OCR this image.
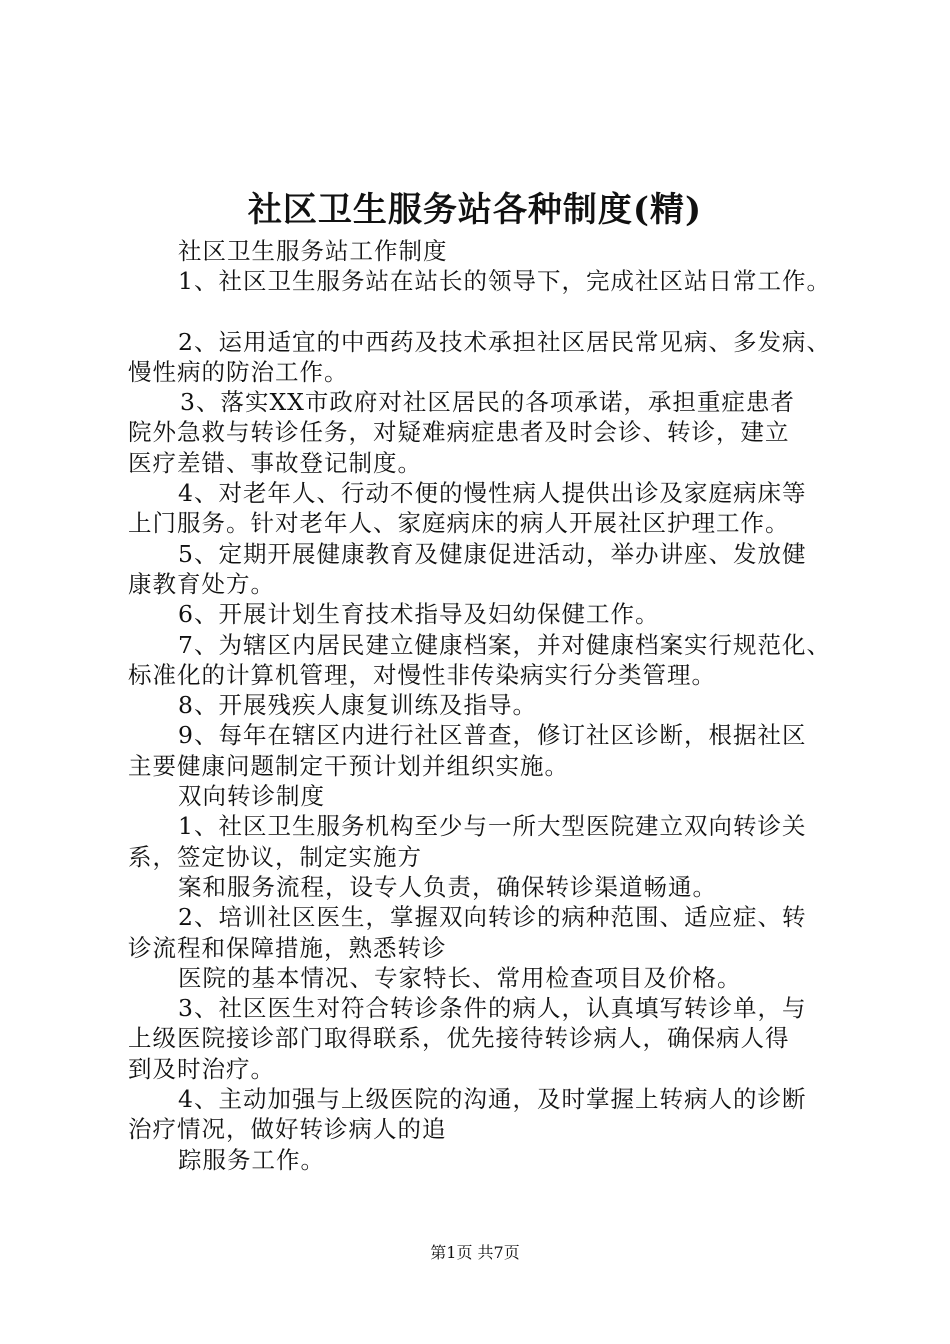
社区卫生服务站各种制度(精)
社区卫生服务站工作制度
1、社区卫生服务站在站长的领导下，完成社区站日常工作。
2、运用适宜的中西药及技术承担社区居民常见病、多发病、
慢性病的防治工作。
3、落实XX市政府对社区居民的各项承诺，承担重症患者
院外急救与转诊任务，对疑难病症患者及时会诊、转诊，建立
医疗差错、事故登记制度。
4、对老年人、行动不便的慢性病人提供出诊及家庭病床等
上门服务。针对老年人、家庭病床的病人开展社区护理工作。
5、定期开展健康教育及健康促进活动，举办讲座、发放健
康教育处方。
6、开展计划生育技术指导及妇幼保健工作。
7、为辖区内居民建立健康档案，并对健康档案实行规范化、
标准化的计算机管理，对慢性非传染病实行分类管理。
8、开展残疾人康复训练及指导。
9、每年在辖区内进行社区普查，修订社区诊断，根据社区
主要健康问题制定干预计划并组织实施。
双向转诊制度
1、社区卫生服务机构至少与一所大型医院建立双向转诊关
系，签定协议，制定实施方
案和服务流程，设专人负责，确保转诊渠道畅通。
2、培训社区医生，掌握双向转诊的病种范围、适应症、转
诊流程和保障措施，熟悉转诊
医院的基本情况、专家特长、常用检查项目及价格。
3、社区医生对符合转诊条件的病人，认真填写转诊单，与
上级医院接诊部门取得联系，优先接待转诊病人，确保病人得
到及时治疗。
4、主动加强与上级医院的沟通，及时掌握上转病人的诊断
治疗情况，做好转诊病人的追
踪服务工作。
第1页 共7页
